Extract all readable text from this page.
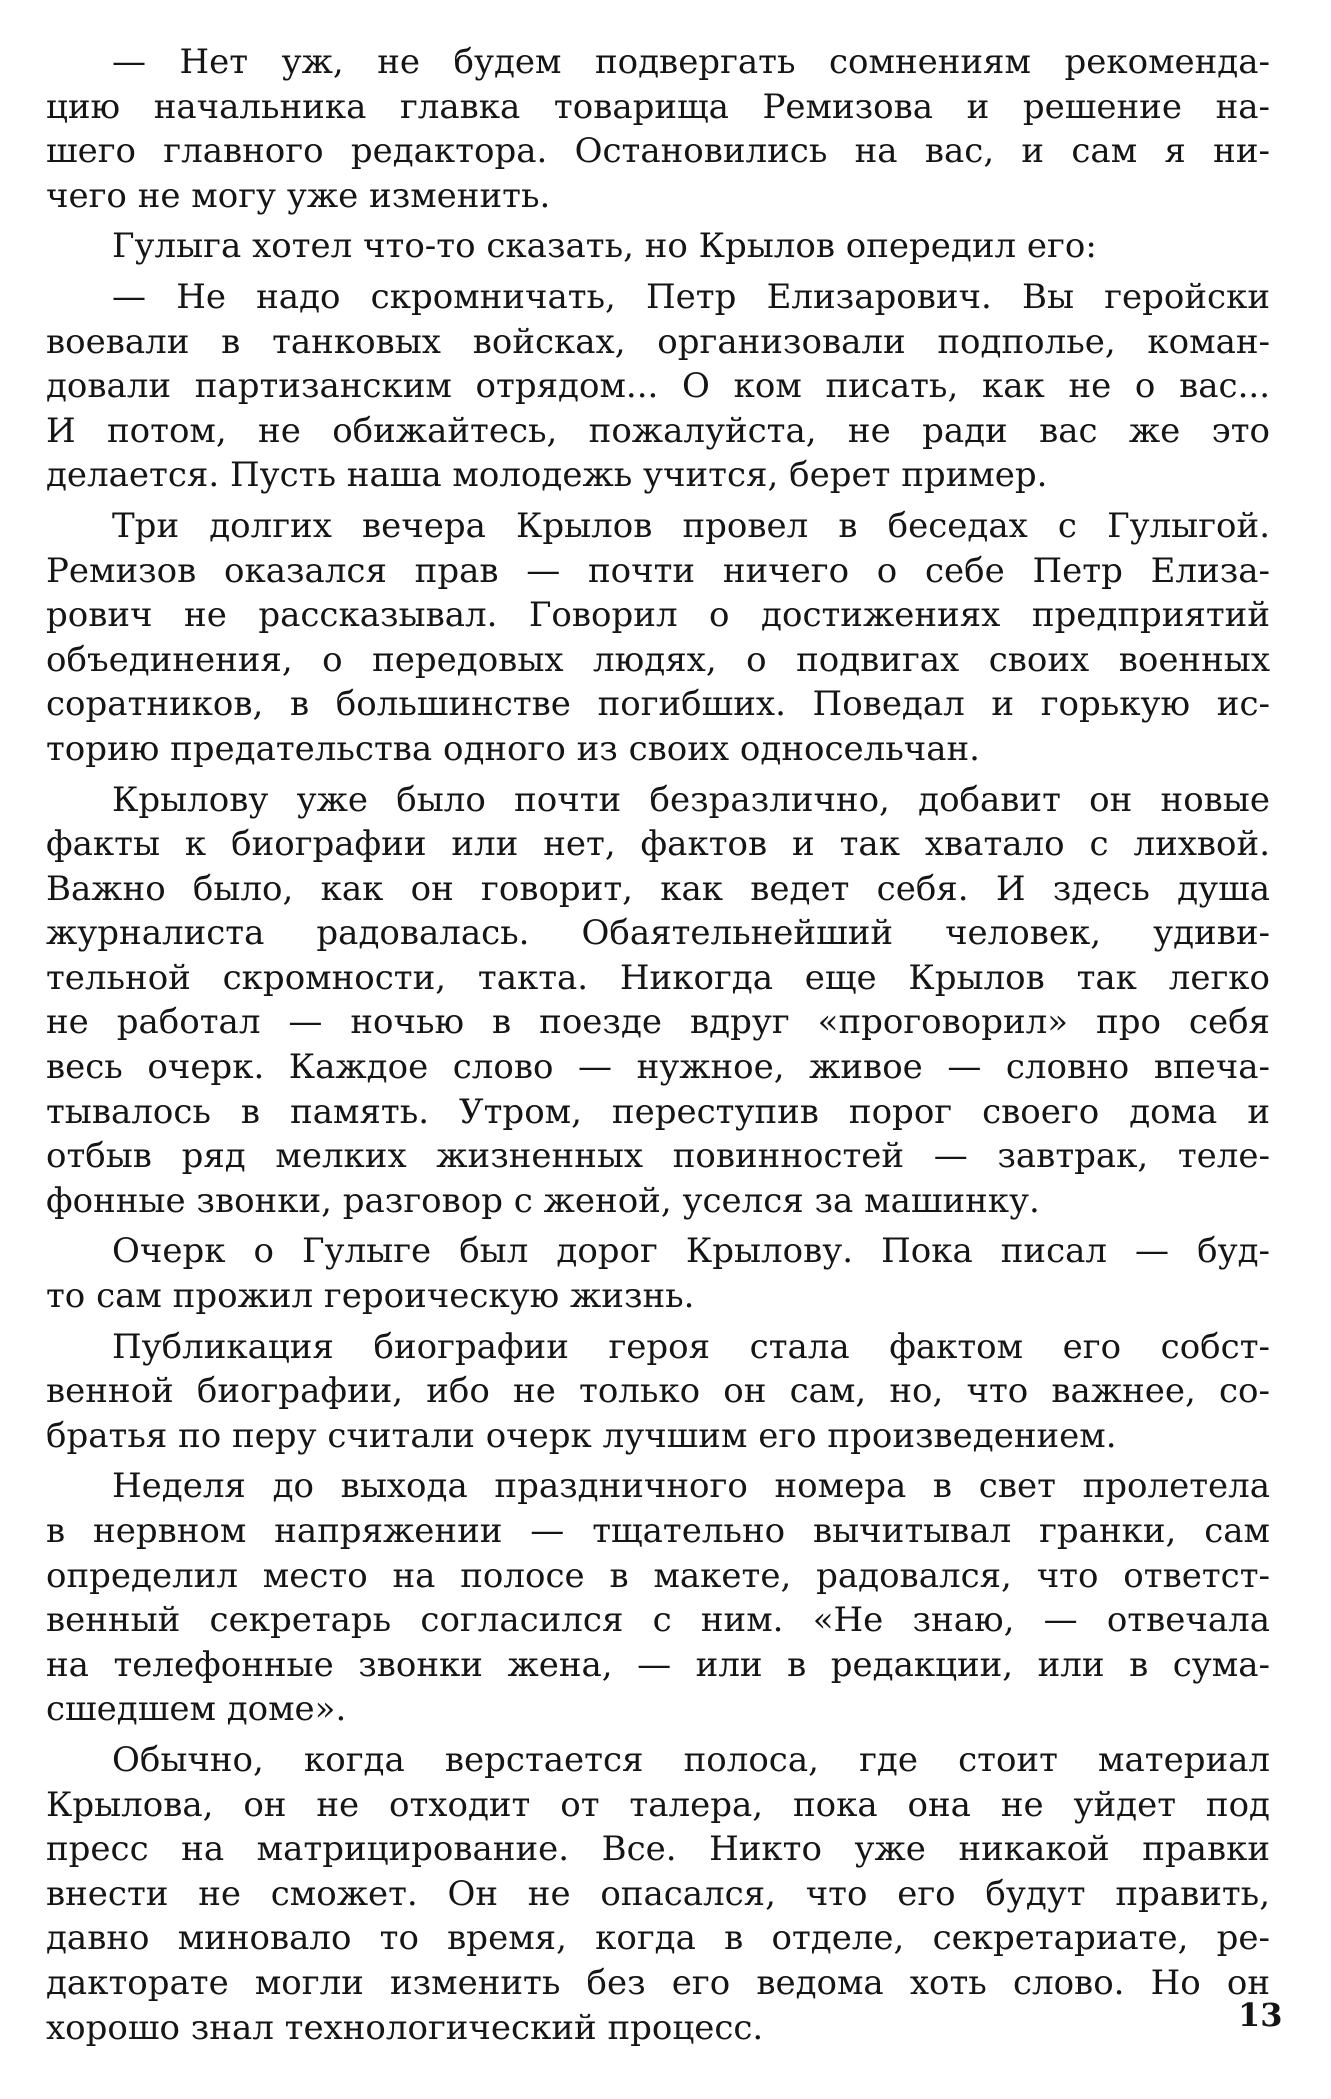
— Нет уж, не будем подвергать сомнениям рекоменда-
цию начальника главка товарища Ремизова и решение на-
шего главного редактора. Остановились на вас, и сам я ни-
чего не могу уже изменить.
Гулыга хотел что-то сказать, но Крылов опередил его:
— Не надо скромничать, Петр Елизарович. Вы геройски
воевали в танковых войсках, организовали подполье, коман-
довали партизанским отрядом... О ком писать, как не о вас...
И потом, не обижайтесь, пожалуйста, не ради вас же это
делается. Пусть наша молодежь учится, берет пример.
Три долгих вечера Крылов провел в беседах с Гулыгой.
Ремизов оказался прав — почти ничего о себе Петр Елиза-
рович не рассказывал. Говорил о достижениях предприятий
объединения, о передовых людях, о подвигах своих военных
соратников, в большинстве погибших. Поведал и горькую ис-
торию предательства одного из своих односельчан.
Крылову уже было почти безразлично, добавит он новые
факты к биографии или нет, фактов и так хватало с лихвой.
Важно было, как он говорит, как ведет себя. И здесь душа
журналиста радовалась. Обаятельнейший человек, удиви-
тельной скромности, такта. Никогда еще Крылов так легко
не работал — ночью в поезде вдруг «проговорил» про себя
весь очерк. Каждое слово — нужное, живое — словно впеча-
тывалось в память. Утром, переступив порог своего дома и
отбыв ряд мелких жизненных повинностей — завтрак, теле-
фонные звонки, разговор с женой, уселся за машинку.
Очерк о Гулыге был дорог Крылову. Пока писал — буд-
то сам прожил героическую жизнь.
Публикация биографии героя стала фактом его собст-
венной биографии, ибо не только он сам, но, что важнее, со-
братья по перу считали очерк лучшим его произведением.
Неделя до выхода праздничного номера в свет пролетела
в нервном напряжении — тщательно вычитывал гранки, сам
определил место на полосе в макете, радовался, что ответст-
венный секретарь согласился с ним. «Не знаю, — отвечала
на телефонные звонки жена, — или в редакции, или в сума-
сшедшем доме».
Обычно, когда верстается полоса, где стоит материал
Крылова, он не отходит от талера, пока она не уйдет под
пресс на матрицирование. Все. Никто уже никакой правки
внести не сможет. Он не опасался, что его будут править,
давно миновало то время, когда в отделе, секретариате, ре-
дакторате могли изменить без его ведома хоть слово. Но он
хорошо знал технологический процесс.	13
